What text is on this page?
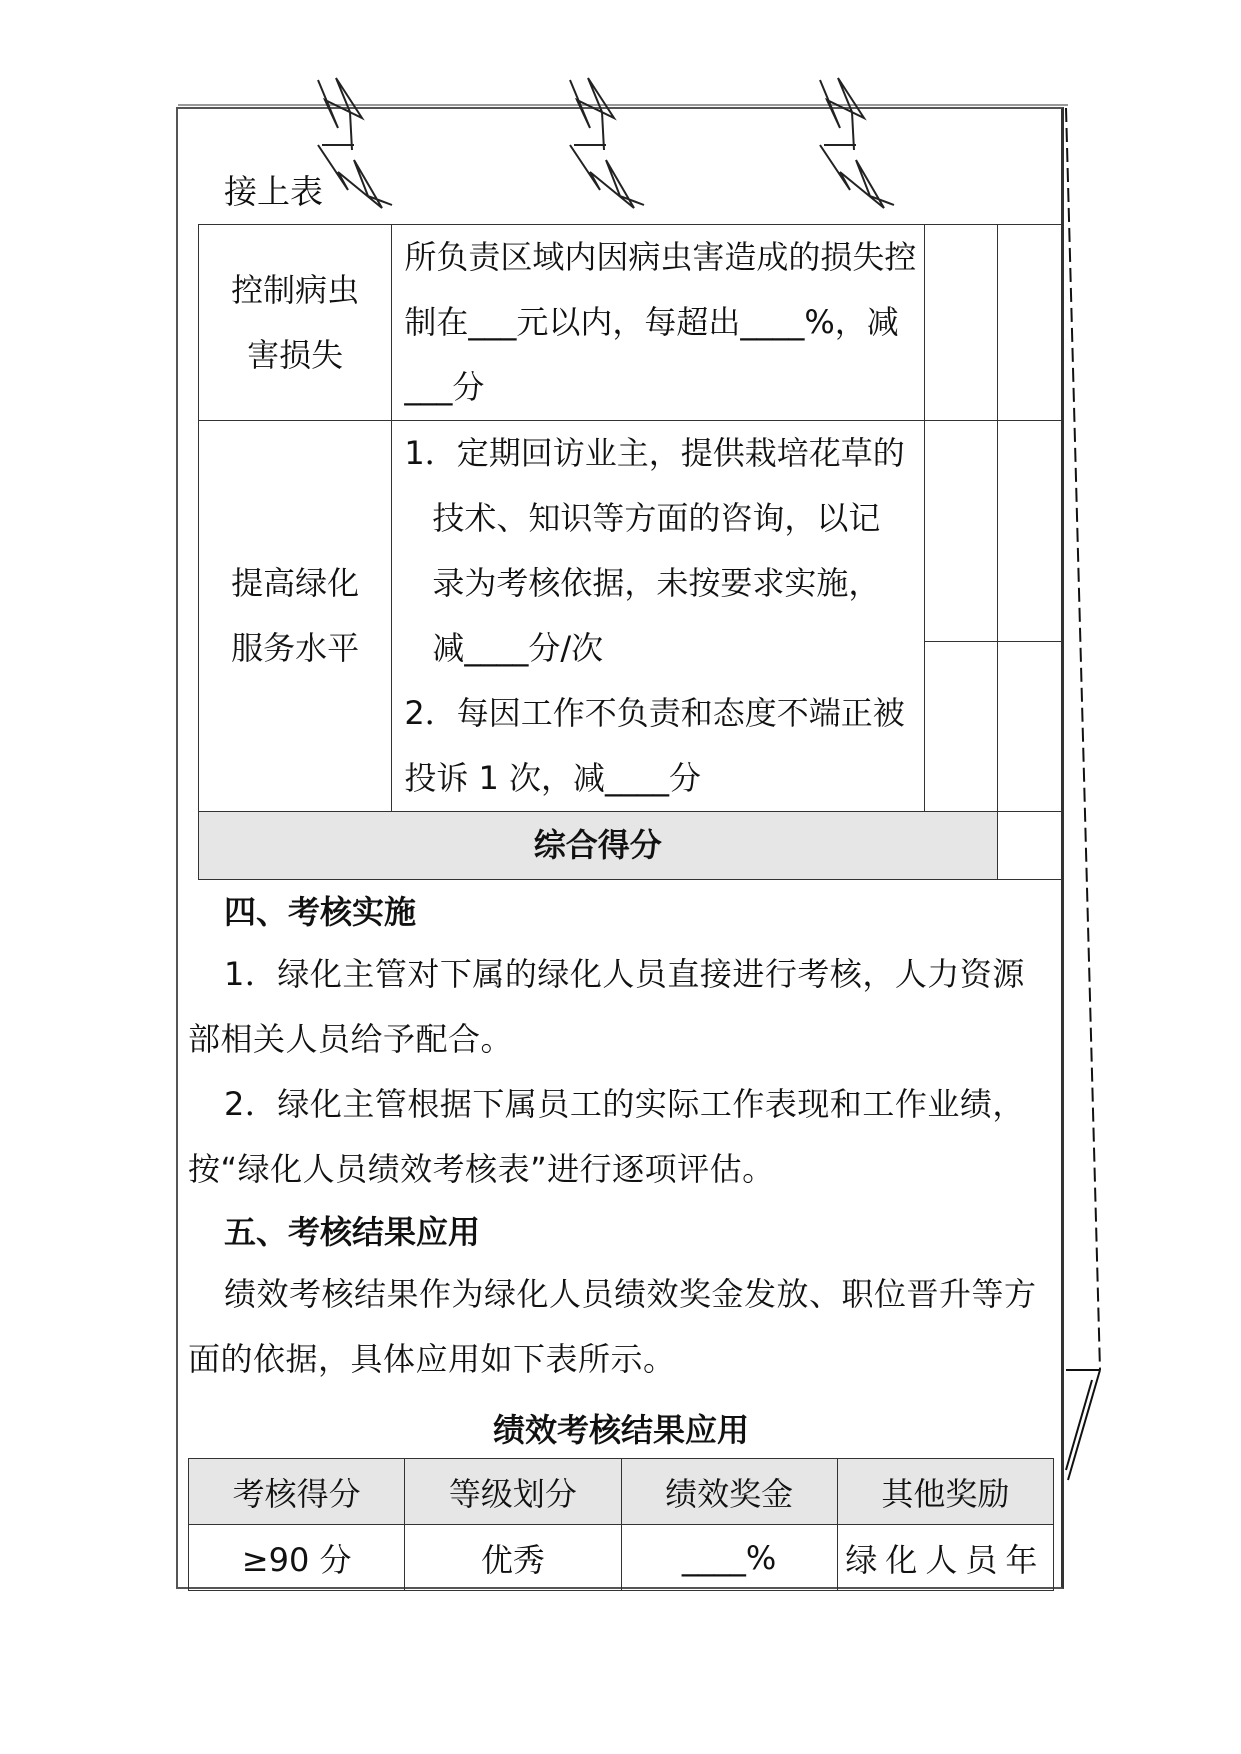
接上表
控制病虫害损失	所负责区域内因病虫害造成的损失控制在___元以内，每超出____%，减___分		
提高绿化服务水平	1．定期回访业主，提供栽培花草的
技术、知识等方面的咨询，以记
录为考核依据，未按要求实施，
减____分/次
2．每因工作不负责和态度不端正被投诉 1 次，减____分		

综合得分			
四、考核实施
1．绿化主管对下属的绿化人员直接进行考核，人力资源部相关人员给予配合。
2．绿化主管根据下属员工的实际工作表现和工作业绩，按“绿化人员绩效考核表”进行逐项评估。
五、考核结果应用
绩效考核结果作为绿化人员绩效奖金发放、职位晋升等方面的依据，具体应用如下表所示。
绩效考核结果应用
考核得分	等级划分	绩效奖金	其他奖励
≥90 分	优秀	____%	绿化人员年
